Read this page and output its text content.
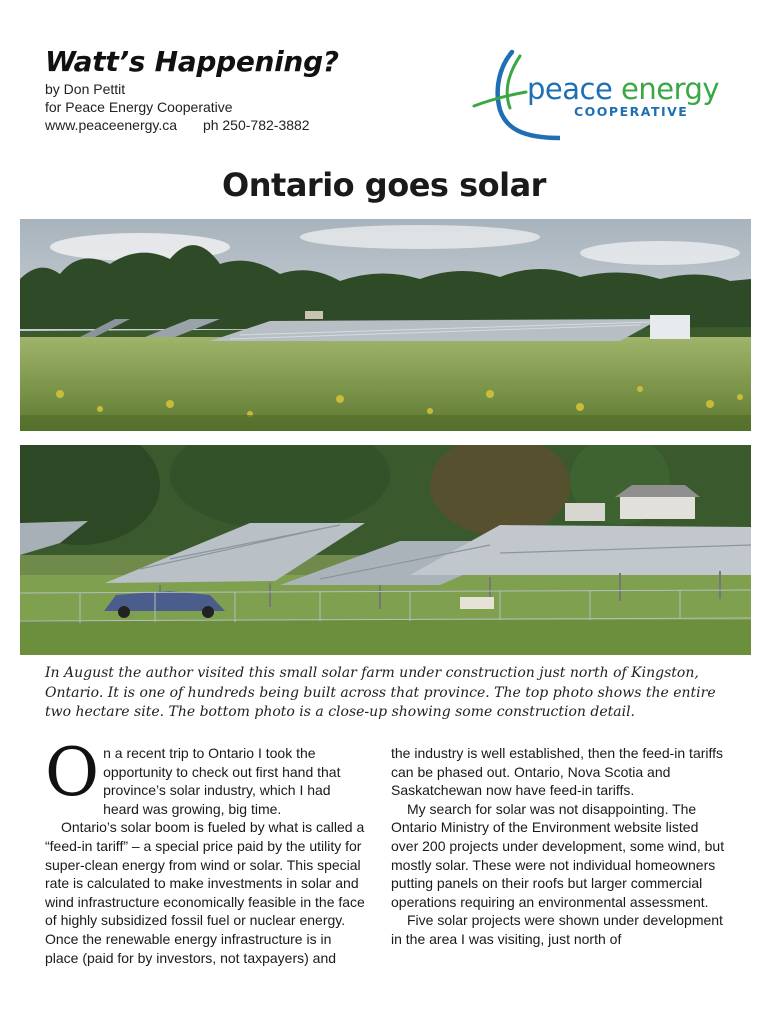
Watt’s Happening?
by Don Pettit
for Peace Energy Cooperative
www.peaceenergy.ca ph 250-782-3882
peace energy
COOPERATIVE
Ontario goes solar
In August the author visited this small solar farm under construction just north of Kingston, Ontario. It is one of hundreds being built across that province. The top photo shows the entire two hectare site. The bottom photo is a close-up showing some construction detail.
O n a recent trip to Ontario I took the opportunity to check out first hand that province’s solar industry, which I had heard was growing, big time.

Ontario’s solar boom is fueled by what is called a “feed-in tariff” – a special price paid by the utility for super-clean energy from wind or solar. This special rate is calculated to make investments in solar and wind infrastructure economically feasible in the face of highly subsidized fossil fuel or nuclear energy. Once the renewable energy infrastructure is in place (paid for by investors, not taxpayers) and

the industry is well established, then the feed-in tariffs can be phased out. Ontario, Nova Scotia and Saskatchewan now have feed-in tariffs.

My search for solar was not disappointing. The Ontario Ministry of the Environment website listed over 200 projects under development, some wind, but mostly solar. These were not individual homeowners putting panels on their roofs but larger commercial operations requiring an environmental assessment.

Five solar projects were shown under development in the area I was visiting, just north of
